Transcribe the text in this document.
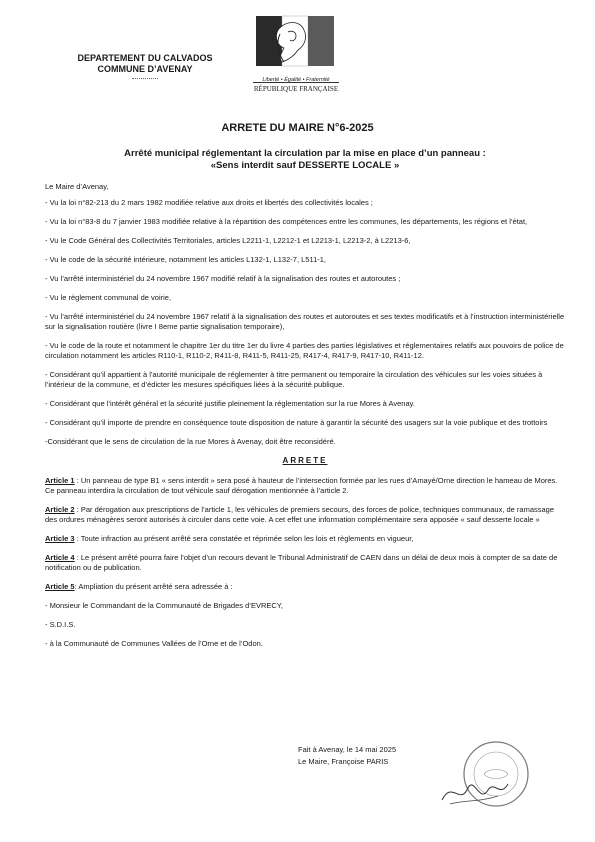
DEPARTEMENT DU CALVADOS
COMMUNE D’AVENAY
Liberté • Égalité • Fraternité
RÉPUBLIQUE FRANÇAISE
ARRETE DU MAIRE N°6-2025
Arrêté municipal réglementant la circulation par la mise en place d’un panneau :
«Sens interdit sauf DESSERTE LOCALE »

Le Maire d’Avenay,

- Vu la loi n°82-213 du 2 mars 1982 modifiée relative aux droits et libertés des collectivités locales ;

- Vu la loi n°83-8 du 7 janvier 1983 modifiée relative à la répartition des compétences entre les communes, les départements, les régions et l’état,

- Vu le Code Général des Collectivités Territoriales, articles L2211-1, L2212-1 et L2213-1, L2213-2, à L2213-6,

- Vu le code de la sécurité intérieure, notamment les articles L132-1, L132-7, L511-1,

- Vu l’arrêté interministériel du 24 novembre 1967 modifié relatif à la signalisation des routes et autoroutes ;

- Vu le règlement communal de voirie,

- Vu l’arrêté interministériel du 24 novembre 1967 relatif à la signalisation des routes et autoroutes et ses textes modificatifs et à l’instruction interministérielle sur la signalisation routière (livre I 8eme partie signalisation temporaire),

- Vu le code de la route et notamment le chapitre 1er du titre 1er du livre 4 parties des parties législatives et réglementaires relatifs aux pouvoirs de police de circulation notamment les articles R110-1, R110-2, R411-8, R411-5, R411-25, R417-4, R417-9, R417-10, R411-12.

- Considérant qu’il appartient à l’autorité municipale de réglementer à titre permanent ou temporaire la circulation des véhicules sur les voies situées à l’intérieur de la commune, et d’édicter les mesures spécifiques liées à la sécurité publique.

- Considérant que l’intérêt général et la sécurité justifie pleinement la réglementation sur la rue Mores à Avenay.

- Considérant qu’il importe de prendre en conséquence toute disposition de nature à garantir la sécurité des usagers sur la voie publique et des trottoirs

-Considérant que le sens de circulation de la rue Mores à Avenay, doit être reconsidéré.

ARRETE

Article 1 : Un panneau de type B1 « sens interdit » sera posé à hauteur de l’intersection formée par les rues d’Amayé/Orne direction le hameau de Mores. Ce panneau interdira la circulation de tout véhicule sauf dérogation mentionnée à l’article 2.

Article 2 : Par dérogation aux prescriptions de l’article 1, les véhicules de premiers secours, des forces de police, techniques communaux, de ramassage des ordures ménagères seront autorisés à circuler dans cette voie. A cet effet une information complémentaire sera apposée « sauf desserte locale »

Article 3 : Toute infraction au présent arrêté sera constatée et réprimée selon les lois et règlements en vigueur,

Article 4 : Le présent arrêté pourra faire l’objet d’un recours devant le Tribunal Administratif de CAEN dans un délai de deux mois à compter de sa date de notification ou de publication.

Article 5: Ampliation du présent arrêté sera adressée à :

- Monsieur le Commandant de la Communauté de Brigades d’EVRECY,

- S.D.I.S.

- à la Communauté de Communes Vallées de l’Orne et de l’Odon.

Fait à Avenay, le 14 mai 2025
Le Maire, Françoise PARIS
